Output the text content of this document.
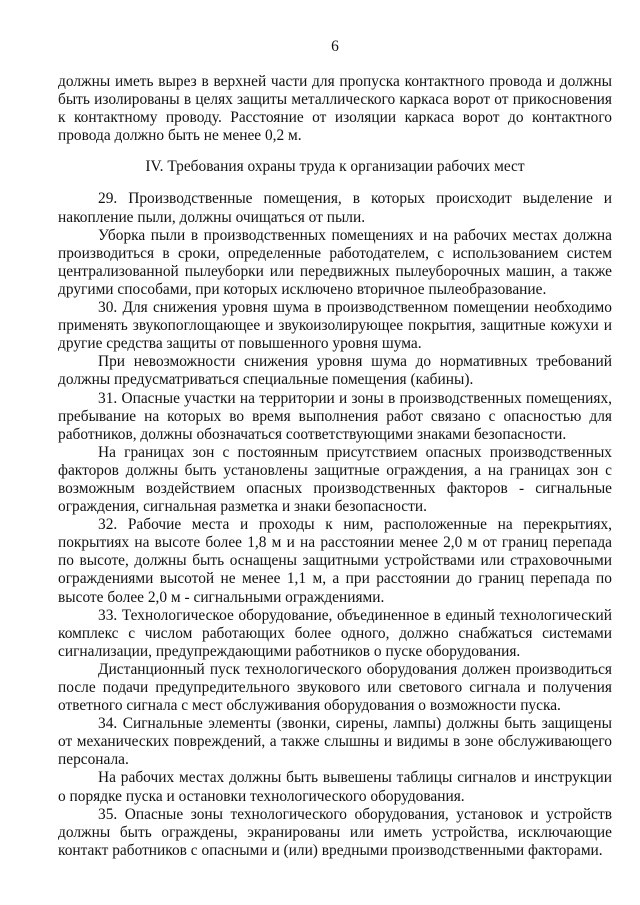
6

должны иметь вырез в верхней части для пропуска контактного провода и должны быть изолированы в целях защиты металлического каркаса ворот от прикосновения к контактному проводу. Расстояние от изоляции каркаса ворот до контактного провода должно быть не менее 0,2 м.

IV. Требования охраны труда к организации рабочих мест

29. Производственные помещения, в которых происходит выделение и накопление пыли, должны очищаться от пыли.

Уборка пыли в производственных помещениях и на рабочих местах должна производиться в сроки, определенные работодателем, с использованием систем централизованной пылеуборки или передвижных пылеуборочных машин, а также другими способами, при которых исключено вторичное пылеобразование.

30. Для снижения уровня шума в производственном помещении необходимо применять звукопоглощающее и звукоизолирующее покрытия, защитные кожухи и другие средства защиты от повышенного уровня шума.

При невозможности снижения уровня шума до нормативных требований должны предусматриваться специальные помещения (кабины).

31. Опасные участки на территории и зоны в производственных помещениях, пребывание на которых во время выполнения работ связано с опасностью для работников, должны обозначаться соответствующими знаками безопасности.

На границах зон с постоянным присутствием опасных производственных факторов должны быть установлены защитные ограждения, а на границах зон с возможным воздействием опасных производственных факторов - сигнальные ограждения, сигнальная разметка и знаки безопасности.

32. Рабочие места и проходы к ним, расположенные на перекрытиях, покрытиях на высоте более 1,8 м и на расстоянии менее 2,0 м от границ перепада по высоте, должны быть оснащены защитными устройствами или страховочными ограждениями высотой не менее 1,1 м, а при расстоянии до границ перепада по высоте более 2,0 м - сигнальными ограждениями.

33. Технологическое оборудование, объединенное в единый технологический комплекс с числом работающих более одного, должно снабжаться системами сигнализации, предупреждающими работников о пуске оборудования.

Дистанционный пуск технологического оборудования должен производиться после подачи предупредительного звукового или светового сигнала и получения ответного сигнала с мест обслуживания оборудования о возможности пуска.

34. Сигнальные элементы (звонки, сирены, лампы) должны быть защищены от механических повреждений, а также слышны и видимы в зоне обслуживающего персонала.

На рабочих местах должны быть вывешены таблицы сигналов и инструкции о порядке пуска и остановки технологического оборудования.

35. Опасные зоны технологического оборудования, установок и устройств должны быть ограждены, экранированы или иметь устройства, исключающие контакт работников с опасными и (или) вредными производственными факторами.
